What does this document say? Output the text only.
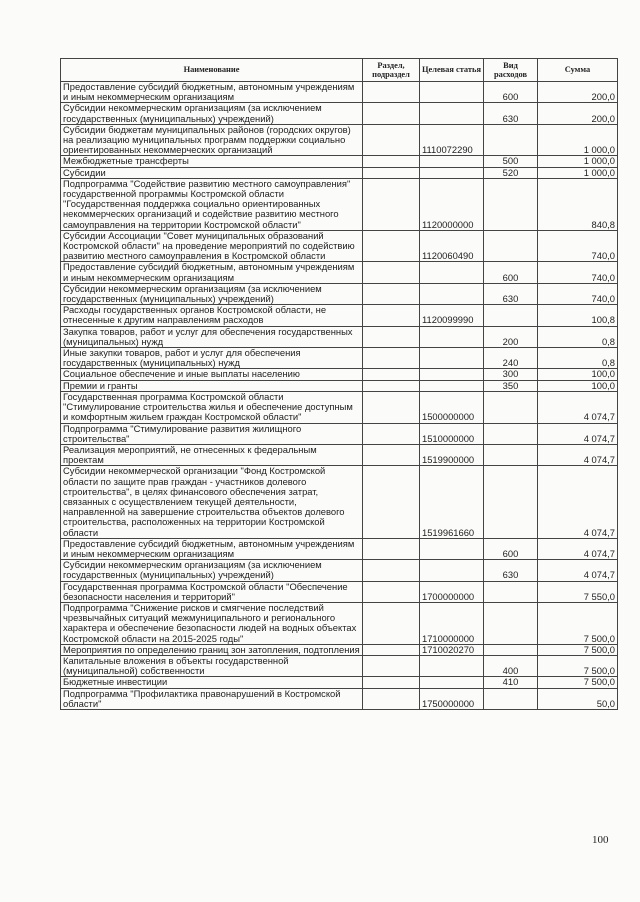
Наименование	Раздел, подраздел	Целевая статья	Вид расходов	Сумма
Предоставление субсидий бюджетным, автономным учреждениям и иным некоммерческим организациям			600	200,0
Субсидии некоммерческим организациям (за исключением государственных (муниципальных) учреждений)			630	200,0
Субсидии бюджетам муниципальных районов (городских округов) на реализацию муниципальных программ поддержки социально ориентированных некоммерческих организаций		1110072290		1 000,0
Межбюджетные трансферты			500	1 000,0
Субсидии			520	1 000,0
Подпрограмма "Содействие развитию местного самоуправления" государственной программы Костромской области "Государственная поддержка социально ориентированных некоммерческих организаций и содействие развитию местного самоуправления на территории Костромской области"		1120000000		840,8
Субсидии Ассоциации "Совет муниципальных образований Костромской области" на проведение мероприятий по содействию развитию местного самоуправления в Костромской области		1120060490		740,0
Предоставление субсидий бюджетным, автономным учреждениям и иным некоммерческим организациям			600	740,0
Субсидии некоммерческим организациям (за исключением государственных (муниципальных) учреждений)			630	740,0
Расходы государственных органов Костромской области, не отнесенные к другим направлениям расходов		1120099990		100,8
Закупка товаров, работ и услуг для обеспечения государственных (муниципальных) нужд			200	0,8
Иные закупки товаров, работ и услуг для обеспечения государственных (муниципальных) нужд			240	0,8
Социальное обеспечение и иные выплаты населению			300	100,0
Премии и гранты			350	100,0
Государственная программа Костромской области "Стимулирование строительства жилья и обеспечение доступным и комфортным жильем граждан Костромской области"		1500000000		4 074,7
Подпрограмма "Стимулирование развития жилищного строительства"		1510000000		4 074,7
Реализация мероприятий, не отнесенных к федеральным проектам		1519900000		4 074,7
Субсидии некоммерческой организации "Фонд Костромской области по защите прав граждан - участников долевого строительства", в целях финансового обеспечения затрат, связанных с осуществлением текущей деятельности, направленной на завершение строительства объектов долевого строительства, расположенных на территории Костромской области		1519961660		4 074,7
Предоставление субсидий бюджетным, автономным учреждениям и иным некоммерческим организациям			600	4 074,7
Субсидии некоммерческим организациям (за исключением государственных (муниципальных) учреждений)			630	4 074,7
Государственная программа Костромской области "Обеспечение безопасности населения и территорий"		1700000000		7 550,0
Подпрограмма "Снижение рисков и смягчение последствий чрезвычайных ситуаций межмуниципального и регионального характера и обеспечение безопасности людей на водных объектах Костромской области на 2015-2025 годы"		1710000000		7 500,0
Мероприятия по определению границ зон затопления, подтопления		1710020270		7 500,0
Капитальные вложения в объекты государственной (муниципальной) собственности			400	7 500,0
Бюджетные инвестиции			410	7 500,0
Подпрограмма "Профилактика правонарушений в Костромской области"		1750000000		50,0
100
